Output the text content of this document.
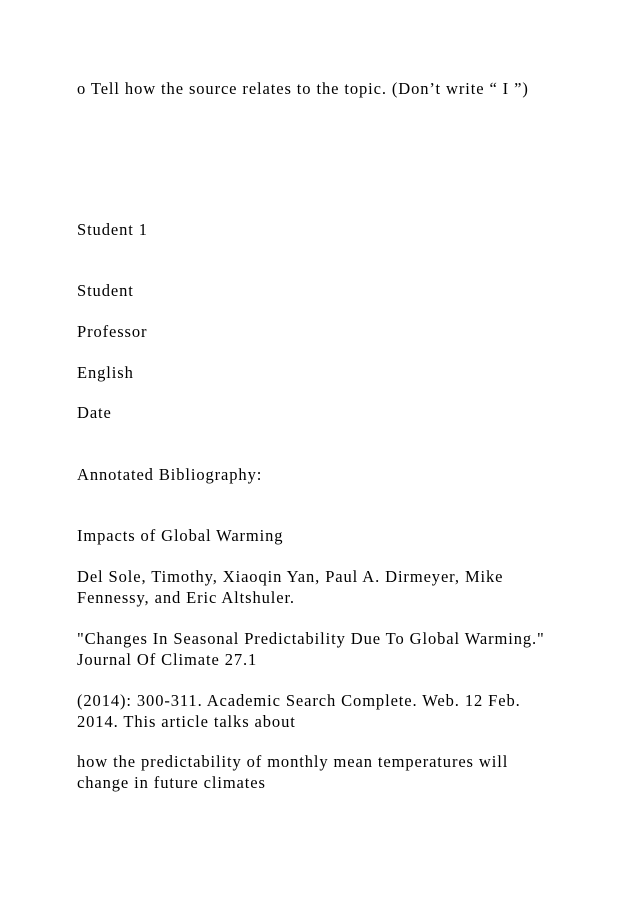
o Tell how the source relates to the topic. (Don’t write “ I ”)

Student 1

Student

Professor

English

Date

Annotated Bibliography:

Impacts of Global Warming

Del Sole, Timothy, Xiaoqin Yan, Paul A. Dirmeyer, Mike

Fennessy, and Eric Altshuler.

"Changes In Seasonal Predictability Due To Global Warming."

Journal Of Climate 27.1

(2014): 300-311. Academic Search Complete. Web. 12 Feb.

2014. This article talks about

how the predictability of monthly mean temperatures will

change in future climates
